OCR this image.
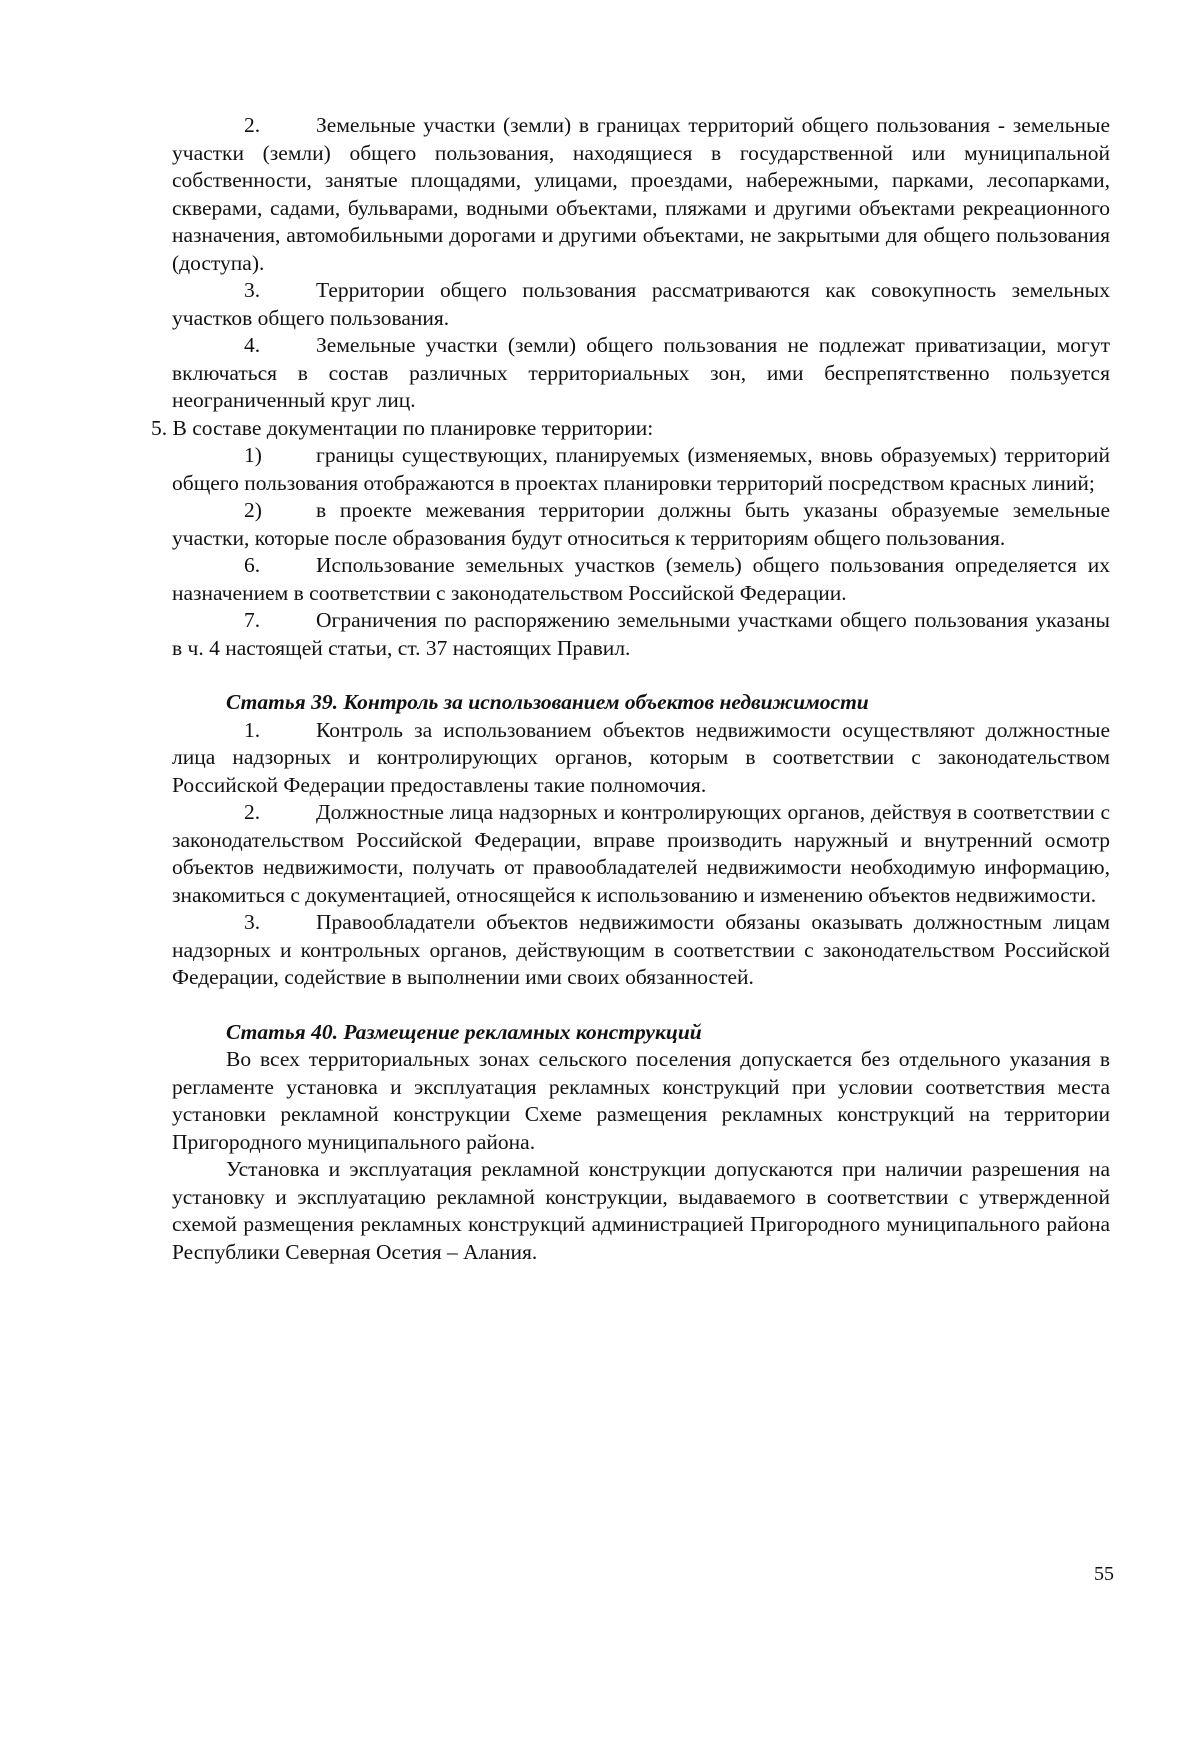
2.	Земельные участки (земли) в границах территорий общего пользования - земельные участки (земли) общего пользования, находящиеся в государственной или муниципальной собственности, занятые площадями, улицами, проездами, набережными, парками, лесопарками, скверами, садами, бульварами, водными объектами, пляжами и другими объектами рекреационного назначения, автомобильными дорогами и другими объектами, не закрытыми для общего пользования (доступа).

3.	Территории общего пользования рассматриваются как совокупность земельных участков общего пользования.

4.	Земельные участки (земли) общего пользования не подлежат приватизации, могут включаться в состав различных территориальных зон, ими беспрепятственно пользуется неограниченный круг лиц.

5. В составе документации по планировке территории:

1)	границы существующих, планируемых (изменяемых, вновь образуемых) территорий общего пользования отображаются в проектах планировки территорий посредством красных линий;

2)	в проекте межевания территории должны быть указаны образуемые земельные участки, которые после образования будут относиться к территориям общего пользования.

6.	Использование земельных участков (земель) общего пользования определяется их назначением в соответствии с законодательством Российской Федерации.

7.	Ограничения по распоряжению земельными участками общего пользования указаны в ч. 4 настоящей статьи, ст. 37 настоящих Правил.

Статья 39. Контроль за использованием объектов недвижимости

1.	Контроль за использованием объектов недвижимости осуществляют должностные лица надзорных и контролирующих органов, которым в соответствии с законодательством Российской Федерации предоставлены такие полномочия.

2.	Должностные лица надзорных и контролирующих органов, действуя в соответствии с законодательством Российской Федерации, вправе производить наружный и внутренний осмотр объектов недвижимости, получать от правообладателей недвижимости необходимую информацию, знакомиться с документацией, относящейся к использованию и изменению объектов недвижимости.

3.	Правообладатели объектов недвижимости обязаны оказывать должностным лицам надзорных и контрольных органов, действующим в соответствии с законодательством Российской Федерации, содействие в выполнении ими своих обязанностей.

Статья 40. Размещение рекламных конструкций

Во всех территориальных зонах сельского поселения допускается без отдельного указания в регламенте установка и эксплуатация рекламных конструкций при условии соответствия места установки рекламной конструкции Схеме размещения рекламных конструкций на территории Пригородного муниципального района.

Установка и эксплуатация рекламной конструкции допускаются при наличии разрешения на установку и эксплуатацию рекламной конструкции, выдаваемого в соответствии с утвержденной схемой размещения рекламных конструкций администрацией Пригородного муниципального района Республики Северная Осетия – Алания.

55
